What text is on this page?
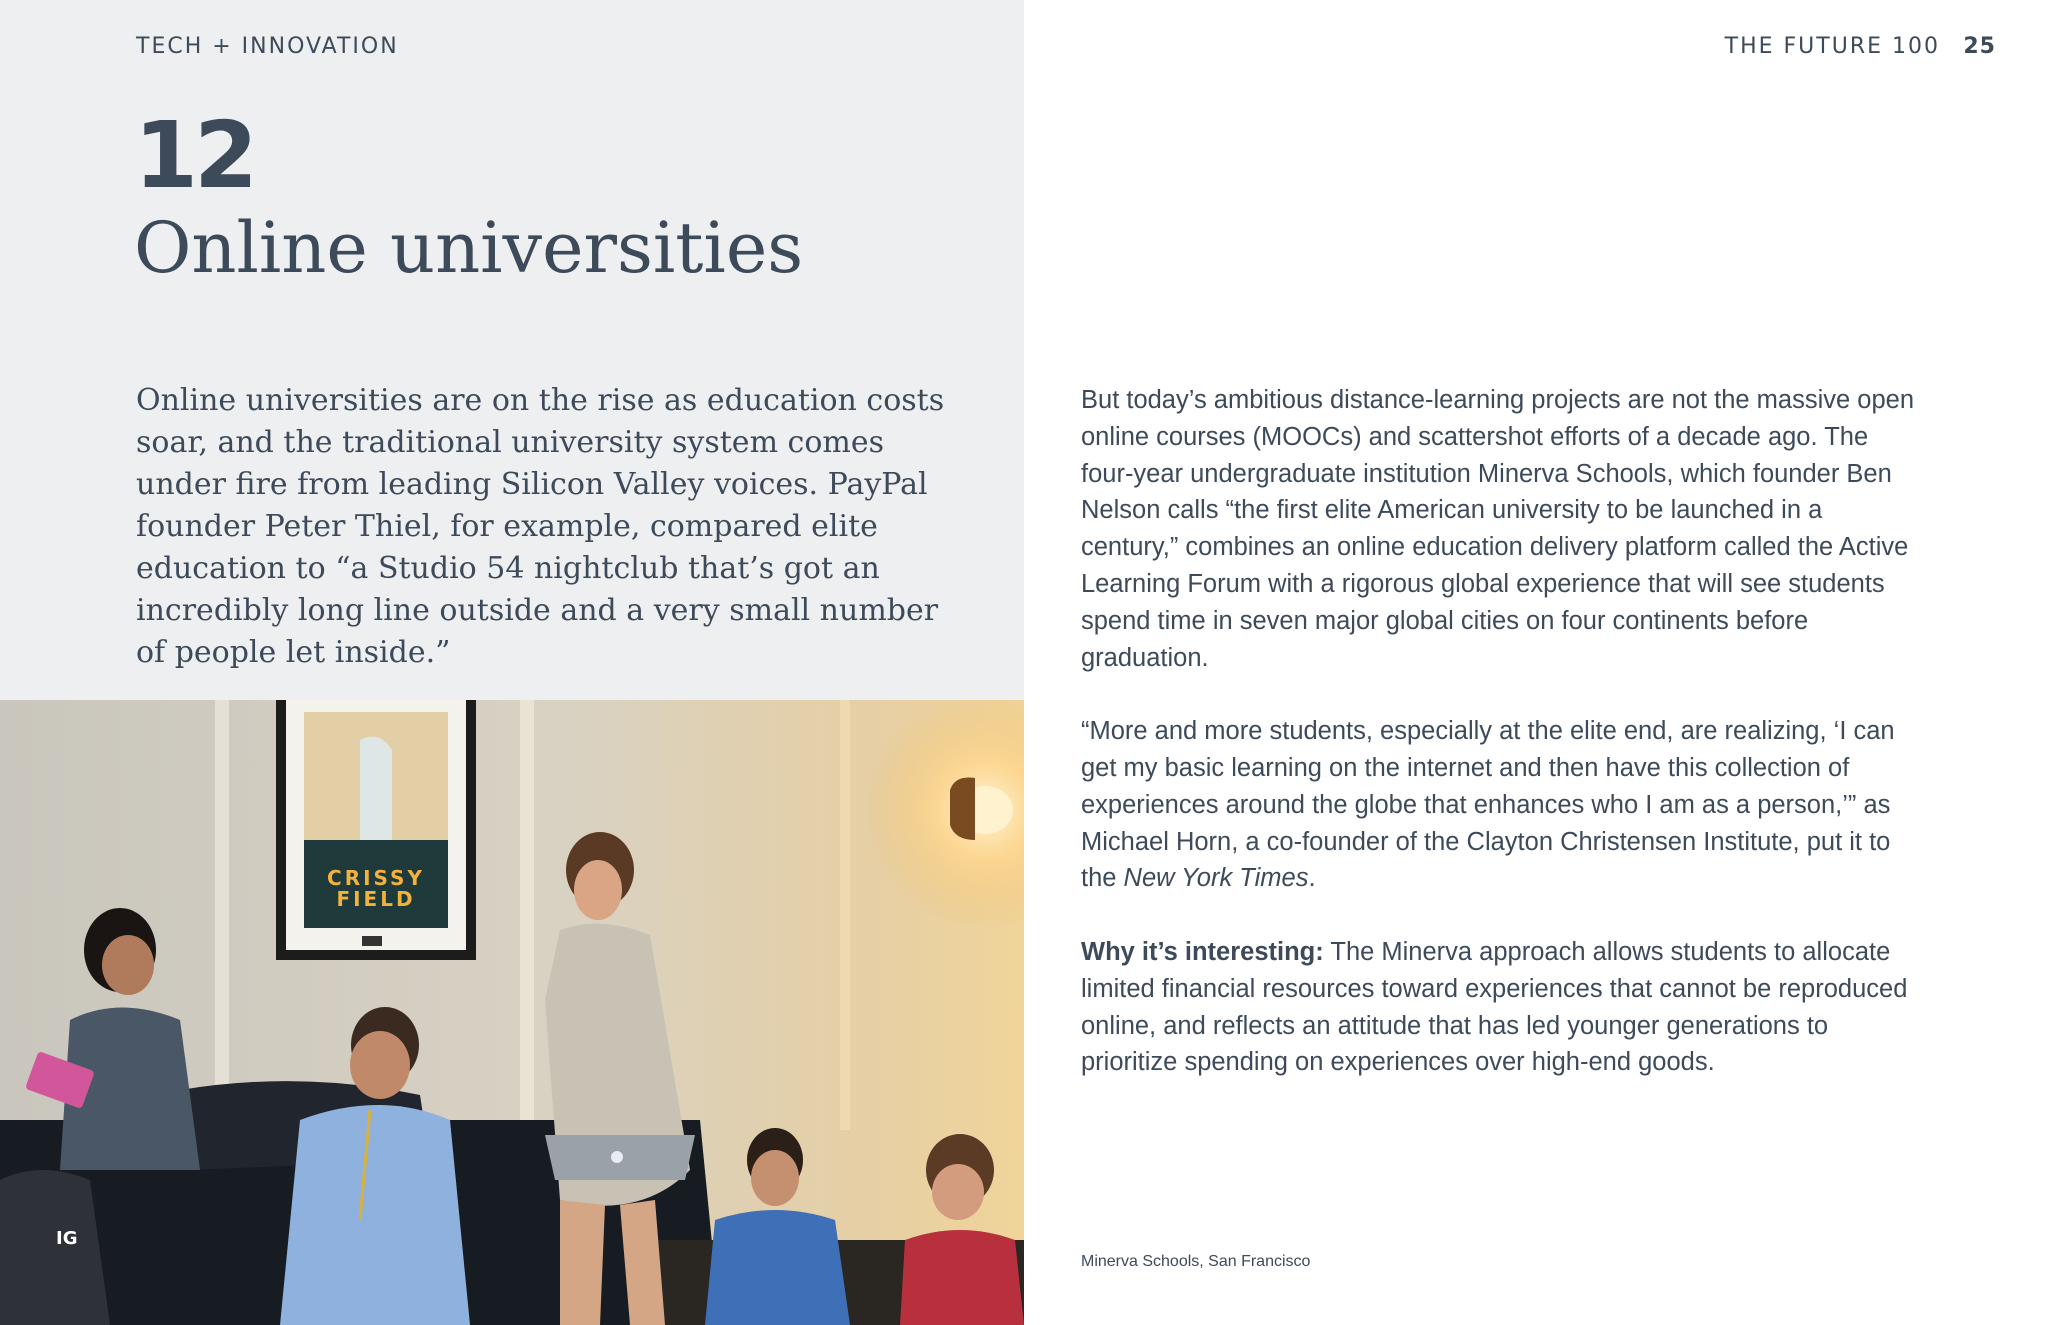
TECH + INNOVATION	THE FUTURE 100 25
12
Online universities

Online universities are on the rise as education costs soar, and the traditional university system comes under fire from leading Silicon Valley voices. PayPal founder Peter Thiel, for example, compared elite education to “a Studio 54 nightclub that’s got an incredibly long line outside and a very small number of people let inside.”

CRISSY
FIELD
IG

But today’s ambitious distance-learning projects are not the massive open online courses (MOOCs) and scattershot efforts of a decade ago. The four-year undergraduate institution Minerva Schools, which founder Ben Nelson calls “the first elite American university to be launched in a century,” combines an online education delivery platform called the Active Learning Forum with a rigorous global experience that will see students spend time in seven major global cities on four continents before graduation.

“More and more students, especially at the elite end, are realizing, ‘I can get my basic learning on the internet and then have this collection of experiences around the globe that enhances who I am as a person,’” as Michael Horn, a co-founder of the Clayton Christensen Institute, put it to the New York Times.

Why it’s interesting: The Minerva approach allows students to allocate limited financial resources toward experiences that cannot be reproduced online, and reflects an attitude that has led younger generations to prioritize spending on experiences over high-end goods.

Minerva Schools, San Francisco
